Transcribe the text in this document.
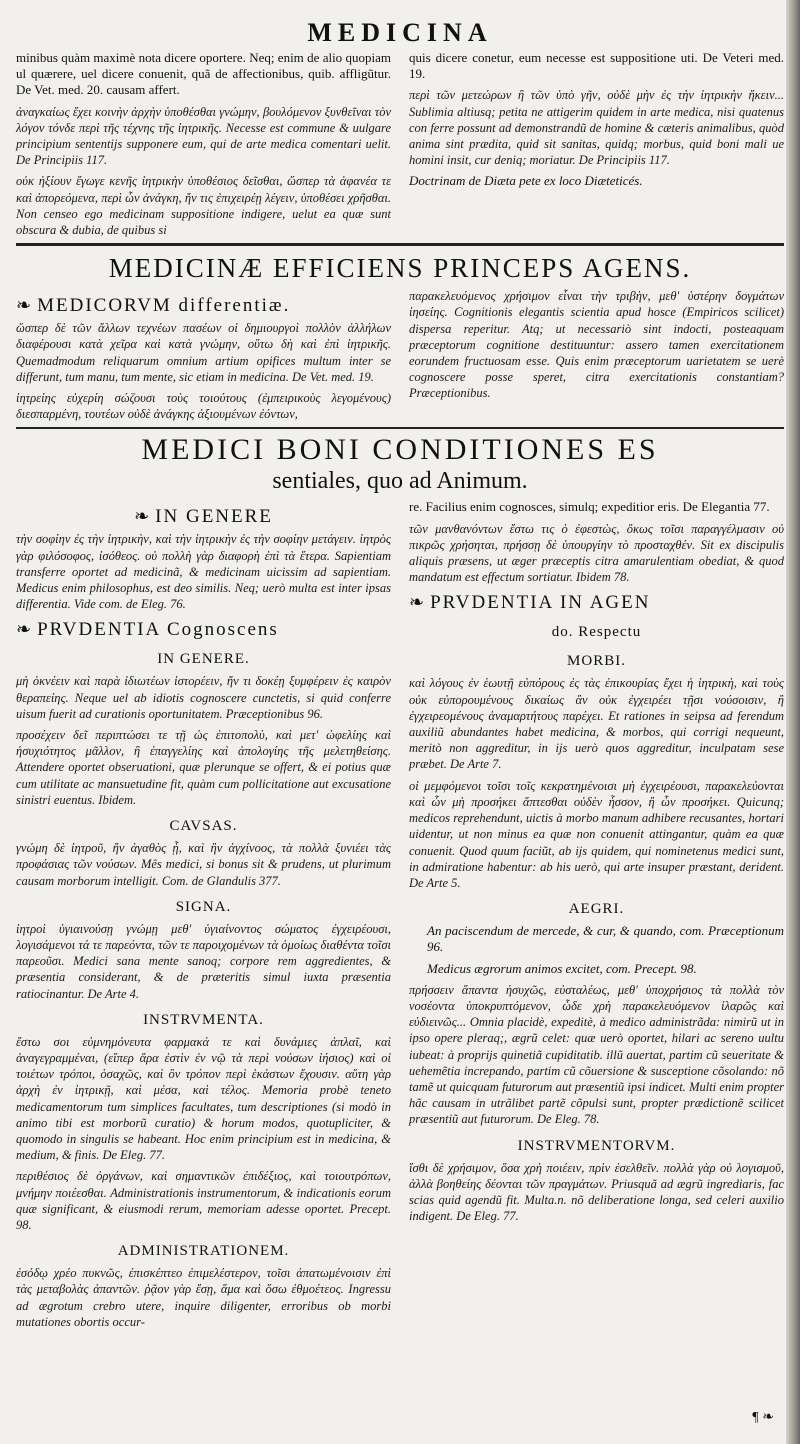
MEDICINA

minibus quàm maximè nota dicere oportere. Neq; enim de alio quopiam ul quærere, uel dicere conuenit, quã de affectionibus, quib. affligũtur. De Vet. med. 20. causam affert.

ἀναγκαίως ἔχει κοινὴν ἀρχὴν ὑποθέσθαι γνώμην, βουλόμενον ξυνθεῖναι τὸν λόγον τόνδε περὶ τῆς τέχνης τῆς ἰητρικῆς. Necesse est commune & uulgare principium sententijs supponere eum, qui de arte medica comentari uelit. De Principiis 117.

οὐκ ἠξίουν ἔγωγε κενῆς ἰητρικὴν ὑποθέσιος δεῖσθαι, ὥσπερ τὰ ἀφανέα τε καὶ ἀπορεόμενα, περὶ ὧν ἀνάγκη, ἤν τις ἐπιχειρέῃ λέγειν, ὑποθέσει χρῆσθαι. Non censeo ego medicinam suppositione indigere, uelut ea quæ sunt obscura & dubia, de quibus si

quis dicere conetur, eum necesse est suppositione uti. De Veteri med. 19.

περὶ τῶν μετεώρων ἢ τῶν ὑπὸ γῆν, οὐδὲ μὴν ἐς τὴν ἰητρικὴν ἥκειν... Sublimia altiusq; petita ne attigerim quidem in arte medica, nisi quatenus con ferre possunt ad demonstrandũ de homine & cæteris animalibus, quòd anima sint prædita, quid sit sanitas, quidq; morbus, quid boni mali ue homini insit, cur deniq; moriatur. De Principiis 117.

Doctrinam de Diæta pete ex loco Diæteticés.

MEDICINÆ EFFICIENS PRINCEPS AGENS.
❧ MEDICORVM differentiæ.

ὥσπερ δὲ τῶν ἄλλων τεχνέων πασέων οἱ δημιουργοὶ πολλὸν ἀλλήλων διαφέρουσι κατὰ χεῖρα καὶ κατὰ γνώμην, οὕτω δὴ καὶ ἐπὶ ἰητρικῆς. Quemadmodum reliquarum omnium artium opifices multum inter se differunt, tum manu, tum mente, sic etiam in medicina. De Vet. med. 19.

ἰητρείης εὐχερίη σώζουσι τοὺς τοιούτους (ἐμπειρικοὺς λεγομένους) διεσπαρμένη, τουτέων οὐδὲ ἀνάγκης ἀξιουμένων ἐόντων,

παρακελευόμενος χρήσιμον εἶναι τὴν τριβὴν, μεθ' ὑστέρην δογμάτων ἰησείης. Cognitionis elegantis scientia apud hosce (Empiricos scilicet) dispersa reperitur. Atq; ut necessariò sint indocti, posteaquam præceptorum cognitione destituuntur: assero tamen exercitationem eorundem fructuosam esse. Quis enim præceptorum uarietatem se uerè cognoscere posse speret, citra exercitationis constantiam? Præceptionibus.

MEDICI BONI CONDITIONES ES
sentiales, quo ad Animum.
❧ IN GENERE

τὴν σοφίην ἐς τὴν ἰητρικὴν, καὶ τὴν ἰητρικὴν ἐς τὴν σοφίην μετάγειν. ἰητρὸς γὰρ φιλόσοφος, ἰσόθεος. οὐ πολλὴ γὰρ διαφορὴ ἐπὶ τὰ ἕτερα. Sapientiam transferre oportet ad medicinã, & medicinam uicissim ad sapientiam. Medicus enim philosophus, est deo similis. Neq; uerò multa est inter ipsas differentia. Vide com. de Eleg. 76.

❧ PRVDENTIA Cognoscens
IN GENERE.

μὴ ὀκνέειν καὶ παρὰ ἰδιωτέων ἱστορέειν, ἤν τι δοκέῃ ξυμφέρειν ἐς καιρὸν θεραπείης. Neque uel ab idiotis cognoscere cunctetis, si quid conferre uisum fuerit ad curationis oportunitatem. Præceptionibus 96.

προσέχειν δεῖ περιπτώσει τε τῇ ὡς ἐπιτοπολὺ, καὶ μετ' ὠφελίης καὶ ἡσυχιότητος μᾶλλον, ἢ ἐπαγγελίης καὶ ἀπολογίης τῆς μελετηθείσης. Attendere oportet obseruationi, quæ plerunque se offert, & ei potius quæ cum utilitate ac mansuetudine fit, quàm cum pollicitatione aut excusatione sinistri euentus. Ibidem.

CAVSAS.

γνώμη δὲ ἰητροῦ, ἤν ἀγαθὸς ᾖ, καὶ ἢν ἀγχίνοος, τὰ πολλὰ ξυνιέει τὰς προφάσιας τῶν νούσων. Mês medici, si bonus sit & prudens, ut plurimum causam morborum intelligit. Com. de Glandulis 377.

SIGNA.

ἰητροὶ ὑγιαινούσῃ γνώμῃ μεθ' ὑγιαίνοντος σώματος ἐγχειρέουσι, λογισάμενοι τά τε παρεόντα, τῶν τε παροιχομένων τὰ ὁμοίως διαθέντα τοῖσι παρεοῦσι. Medici sana mente sanoq; corpore rem aggredientes, & præsentia considerant, & de præteritis simul iuxta præsentia ratiocinantur. De Arte 4.

INSTRVMENTA.

ἔστω σοι εὐμνημόνευτα φαρμακά τε καὶ δυνάμιες ἁπλαῖ, καὶ ἀναγεγραμμέναι, (εἴπερ ἄρα ἐστὶν ἐν νῷ τὰ περὶ νούσων ἰήσιος) καὶ οἱ τοιέτων τρόποι, ὁσαχῶς, καὶ ὃν τρόπον περὶ ἑκάστων ἔχουσιν. αὕτη γὰρ ἀρχὴ ἐν ἰητρικῇ, καὶ μέσα, καὶ τέλος. Memoria probè teneto medicamentorum tum simplices facultates, tum descriptiones (si modò in animo tibi est morborũ curatio) & horum modos, quotupliciter, & quomodo in singulis se habeant. Hoc enim principium est in medicina, & medium, & finis. De Eleg. 77.

περιθέσιος δὲ ὀργάνων, καὶ σημαντικῶν ἐπιδέξιος, καὶ τοιουτρόπων, μνήμην ποιέεσθαι. Administrationis instrumentorum, & indicationis eorum quæ significant, & eiusmodi rerum, memoriam adesse oportet. Precept. 98.

ADMINISTRATIONEM.

ἐσόδῳ χρέο πυκνῶς, ἐπισκέπτεο ἐπιμελέστερον, τοῖσι ἀπατωμένοισιν ἐπὶ τὰς μεταβολὰς ἀπαντῶν. ῥᾷον γὰρ ἔσῃ, ἅμα καὶ ὅσω ἐθμοέτεος. Ingressu ad ægrotum crebro utere, inquire diligenter, erroribus ob morbi mutationes obortis occur-

re. Facilius enim cognosces, simulq; expeditior eris. De Elegantia 77.

τῶν μανθανόντων ἔστω τις ὁ ἐφεστὼς, ὅκως τοῖσι παραγγέλμασιν οὐ πικρῶς χρήσηται, πρήσσῃ δὲ ὑπουργίην τὸ προσταχθέν. Sit ex discipulis aliquis præsens, ut æger præceptis citra amarulentiam obediat, & quod mandatum est effectum sortiatur. Ibidem 78.

❧ PRVDENTIA IN AGEN
do. Respectu
MORBI.

καὶ λόγους ἐν ἑωυτῇ εὐπόρους ἐς τὰς ἐπικουρίας ἔχει ἡ ἰητρικὴ, καὶ τοὺς οὐκ εὐπορουμένους δικαίως ἂν οὐκ ἐγχειρέει τῇσι νούσοισιν, ἢ ἐγχειρεομένους ἀναμαρτήτους παρέχει. Et rationes in seipsa ad ferendum auxiliũ abundantes habet medicina, & morbos, qui corrigi nequeunt, meritò non aggreditur, in ijs uerò quos aggreditur, inculpatam sese præbet. De Arte 7.

οἱ μεμφόμενοι τοῖσι τοῖς κεκρατημένοισι μὴ ἐγχειρέουσι, παρακελεύονται καὶ ὧν μὴ προσήκει ἅπτεσθαι οὐδὲν ἧσσον, ἢ ὧν προσήκει. Quicunq; medicos reprehendunt, uictis à morbo manum adhibere recusantes, hortari uidentur, ut non minus ea quæ non conuenit attingantur, quàm ea quæ conuenit. Quod quum faciũt, ab ijs quidem, qui nominetenus medici sunt, in admiratione habentur: ab his uerò, qui arte insuper præstant, derident. De Arte 5.

AEGRI.

An paciscendum de mercede, & cur, & quando, com. Præceptionum 96.

Medicus ægrorum animos excitet, com. Precept. 98.

πρήσσειν ἅπαντα ἡσυχῶς, εὐσταλέως, μεθ' ὑποχρήσιος τὰ πολλὰ τὸν νοσέοντα ὑποκρυπτόμενον, ὧδε χρὴ παρακελευόμενον ἱλαρῶς καὶ εὐδιεινῶς... Omnia placidè, expeditè, à medico administrãda: nimirũ ut in ipso opere pleraq;, ægrũ celet: quæ uerò oportet, hilari ac sereno uultu iubeat: à proprijs quinetiã cupiditatib. illũ auertat, partim cũ seueritate & uehemẽtia increpando, partim cũ cõuersione & susceptione cõsolando: nõ tamẽ ut quicquam futurorum aut præsentiũ ipsi indicet. Multi enim propter hãc causam in utrãlibet partẽ cõpulsi sunt, propter prædictionẽ scilicet præsentiũ aut futurorum. De Eleg. 78.

INSTRVMENTORVM.

ἴσθι δὲ χρήσιμον, ὅσα χρὴ ποιέειν, πρὶν ἐσελθεῖν. πολλὰ γὰρ οὐ λογισμοῦ, ἀλλὰ βοηθείης δέονται τῶν πραγμάτων. Priusquã ad ægrũ ingrediaris, fac scias quid agendũ fit. Multa.n. nõ deliberatione longa, sed celeri auxilio indigent. De Eleg. 77.

¶ ❧
